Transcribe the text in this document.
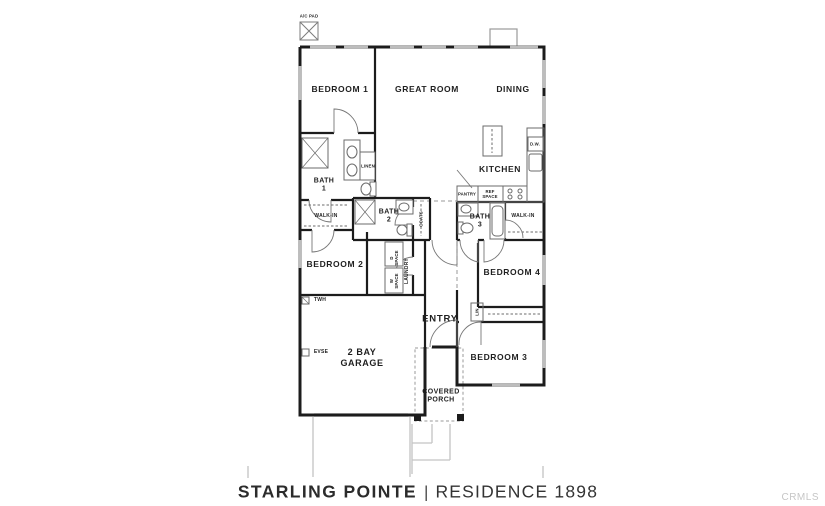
A/C PAD
BEDROOM 1	GREAT ROOM	DINING
KITCHEN
BATH
1
LINEN
WALK-IN
BATH
2	COATS
PANTRY
REF
SPACE
D.W.
BATH
3
WALK-IN
BEDROOM 2
D SPACE
W SPACE LAUNDRY
TWH
EVSE
ENTRY
BEDROOM 4
LIN
BEDROOM 3
2 BAY
GARAGE
COVERED
PORCH
STARLING POINTE | RESIDENCE 1898	CRMLS
